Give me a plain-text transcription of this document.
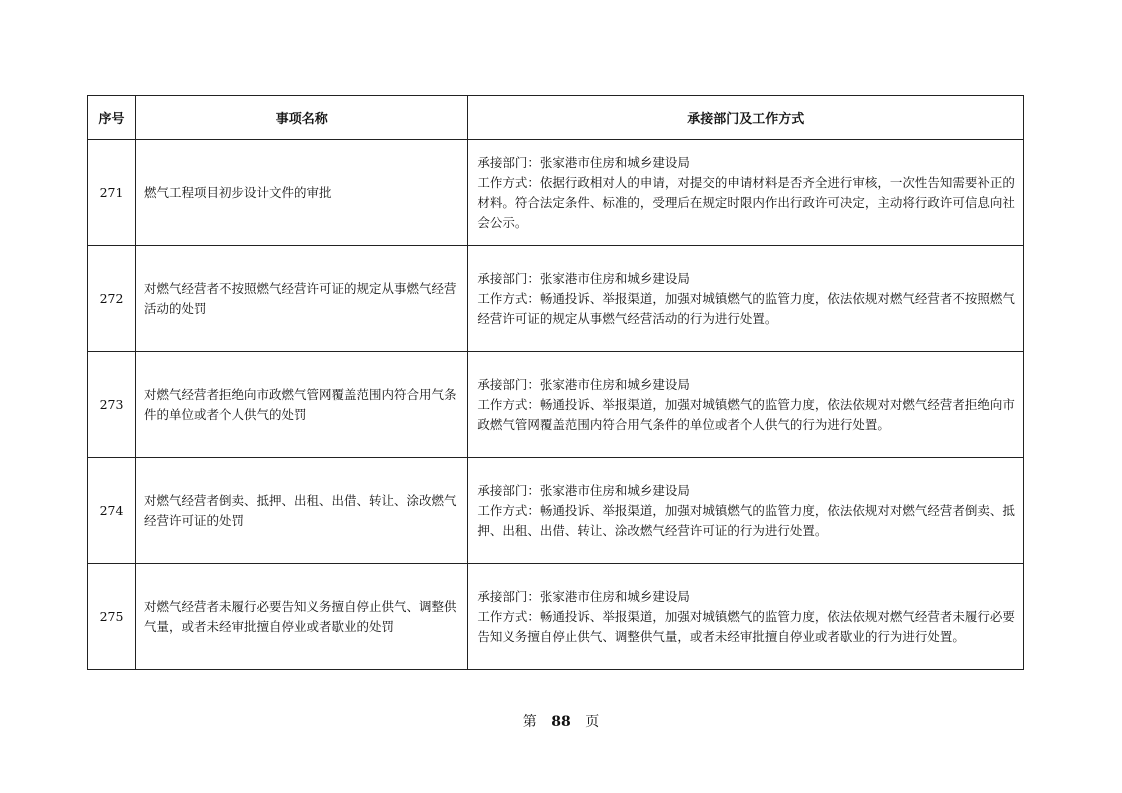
序号	事项名称	承接部门及工作方式
271	燃气工程项目初步设计文件的审批	承接部门：张家港市住房和城乡建设局
工作方式：依据行政相对人的申请，对提交的申请材料是否齐全进行审核，一次性告知需要补正的材料。符合法定条件、标准的，受理后在规定时限内作出行政许可决定，主动将行政许可信息向社会公示。

272	对燃气经营者不按照燃气经营许可证的规定从事燃气经营活动的处罚	承接部门：张家港市住房和城乡建设局
工作方式：畅通投诉、举报渠道，加强对城镇燃气的监管力度，依法依规对燃气经营者不按照燃气经营许可证的规定从事燃气经营活动的行为进行处置。

273	对燃气经营者拒绝向市政燃气管网覆盖范围内符合用气条件的单位或者个人供气的处罚	承接部门：张家港市住房和城乡建设局
工作方式：畅通投诉、举报渠道，加强对城镇燃气的监管力度，依法依规对对燃气经营者拒绝向市政燃气管网覆盖范围内符合用气条件的单位或者个人供气的行为进行处置。

274	对燃气经营者倒卖、抵押、出租、出借、转让、涂改燃气经营许可证的处罚	承接部门：张家港市住房和城乡建设局
工作方式：畅通投诉、举报渠道，加强对城镇燃气的监管力度，依法依规对对燃气经营者倒卖、抵押、出租、出借、转让、涂改燃气经营许可证的行为进行处置。

275	对燃气经营者未履行必要告知义务擅自停止供气、调整供气量，或者未经审批擅自停业或者歇业的处罚	承接部门：张家港市住房和城乡建设局
工作方式：畅通投诉、举报渠道，加强对城镇燃气的监管力度，依法依规对燃气经营者未履行必要告知义务擅自停止供气、调整供气量，或者未经审批擅自停业或者歇业的行为进行处置。
第 88 页
